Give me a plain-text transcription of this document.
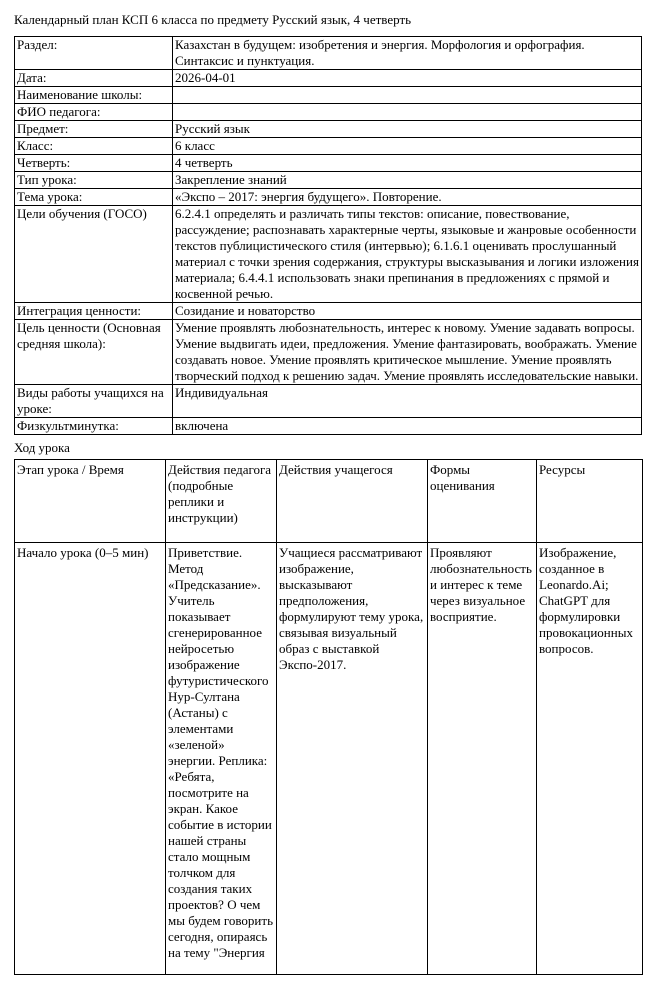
Календарный план КСП 6 класса по предмету Русский язык, 4 четверть
Раздел:	Казахстан в будущем: изобретения и энергия. Морфология и орфография. Синтаксис и пунктуация.
Дата:	2026-04-01
Наименование школы:	
ФИО педагога:	
Предмет:	Русский язык
Класс:	6 класс
Четверть:	4 четверть
Тип урока:	Закрепление знаний
Тема урока:	«Экспо – 2017: энергия будущего». Повторение.
Цели обучения (ГОСО)	6.2.4.1 определять и различать типы текстов: описание, повествование, рассуждение; распознавать характерные черты, языковые и жанровые особенности текстов публицистического стиля (интервью); 6.1.6.1 оценивать прослушанный материал с точки зрения содержания, структуры высказывания и логики изложения материала; 6.4.4.1 использовать знаки препинания в предложениях с прямой и косвенной речью.
Интеграция ценности:	Созидание и новаторство
Цель ценности (Основная средняя школа):	Умение проявлять любознательность, интерес к новому. Умение задавать вопросы. Умение выдвигать идеи, предложения. Умение фантазировать, воображать. Умение создавать новое. Умение проявлять критическое мышление. Умение проявлять творческий подход к решению задач. Умение проявлять исследовательские навыки.
Виды работы учащихся на уроке:	Индивидуальная
Физкультминутка:	включена
Ход урока
Этап урока / Время	Действия педагога (подробные реплики и инструкции)	Действия учащегося	Формы оценивания	Ресурсы
Начало урока (0–5 мин)	Приветствие. Метод «Предсказание». Учитель показывает сгенерированное нейросетью изображение футуристического Нур-Султана (Астаны) с элементами «зеленой» энергии. Реплика: «Ребята, посмотрите на экран. Какое событие в истории нашей страны стало мощным толчком для создания таких проектов? О чем мы будем говорить сегодня, опираясь на тему "Энергия	Учащиеся рассматривают изображение, высказывают предположения, формулируют тему урока, связывая визуальный образ с выставкой Экспо-2017.	Проявляют любознательность и интерес к теме через визуальное восприятие.	Изображение, созданное в Leonardo.Ai; ChatGPT для формулировки провокационных вопросов.
